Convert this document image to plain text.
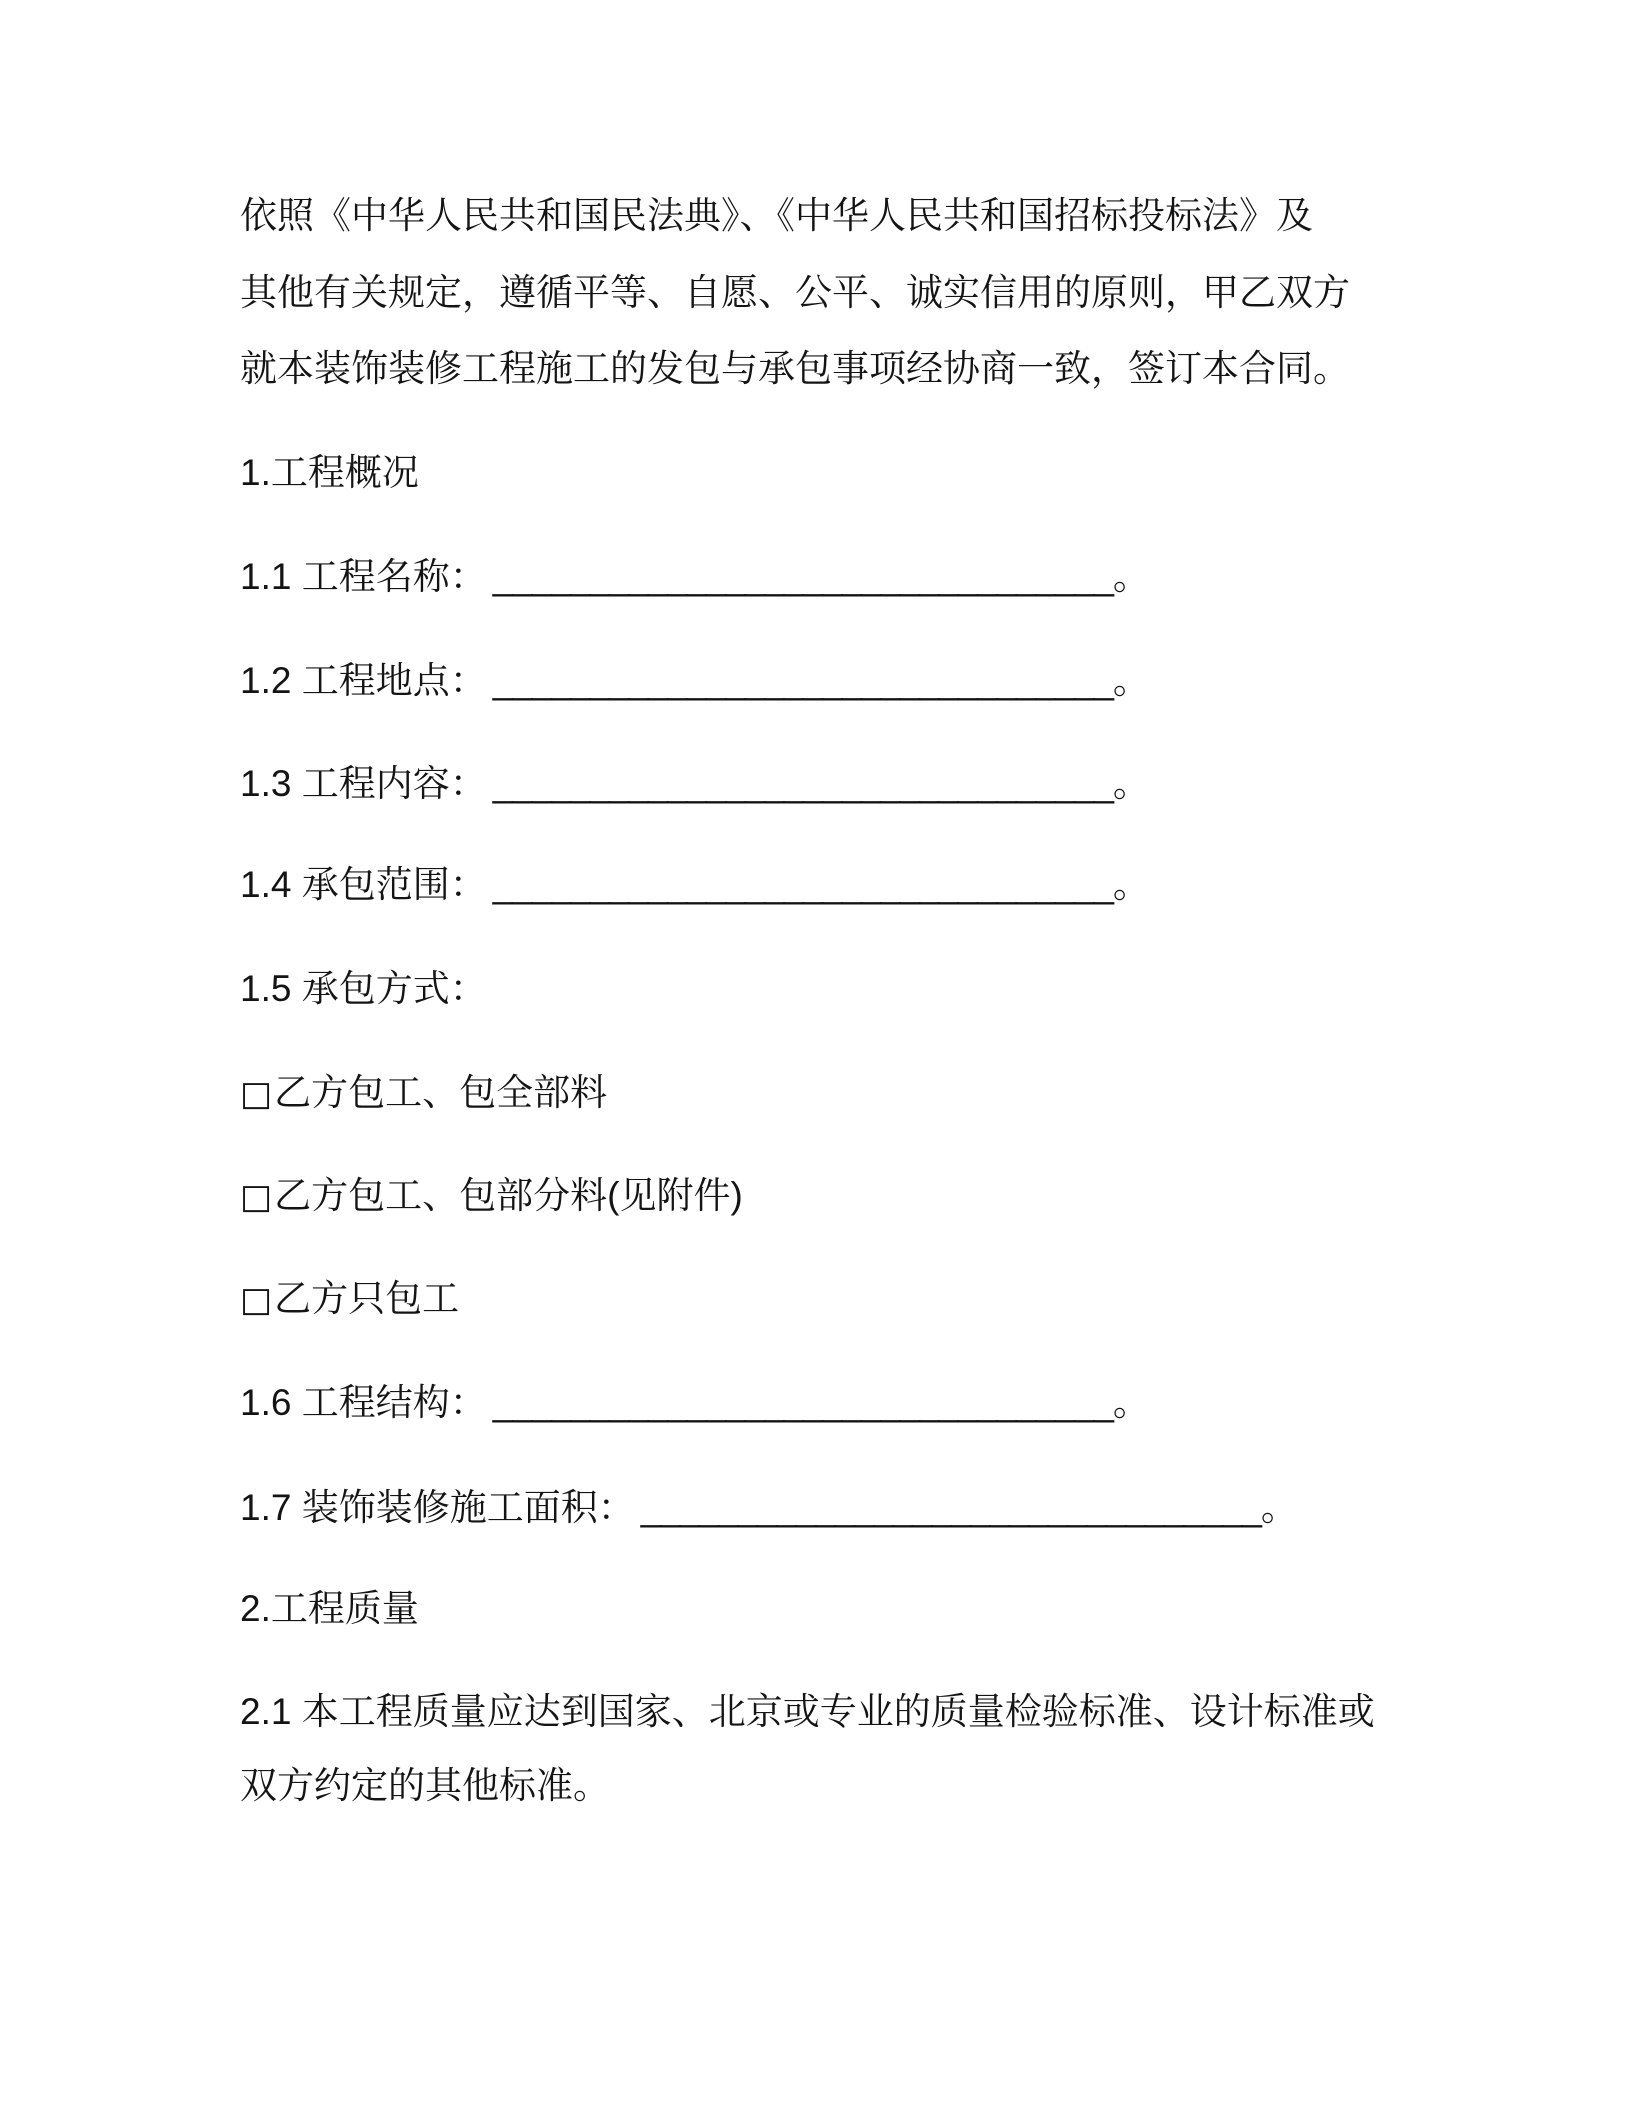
依照《中华人民共和国民法典》、《中华人民共和国招标投标法》及
其他有关规定，遵循平等、自愿、公平、诚实信用的原则，甲乙双方
就本装饰装修工程施工的发包与承包事项经协商一致，签订本合同。
1.工程概况
1.1 工程名称： ________________________________。
1.2 工程地点： ________________________________。
1.3 工程内容： ________________________________。
1.4 承包范围： ________________________________。
1.5 承包方式：
□乙方包工、包全部料
□乙方包工、包部分料(见附件)
□乙方只包工
1.6 工程结构： ________________________________。
1.7 装饰装修施工面积： ________________________________。
2.工程质量
2.1 本工程质量应达到国家、北京或专业的质量检验标准、设计标准或
双方约定的其他标准。
